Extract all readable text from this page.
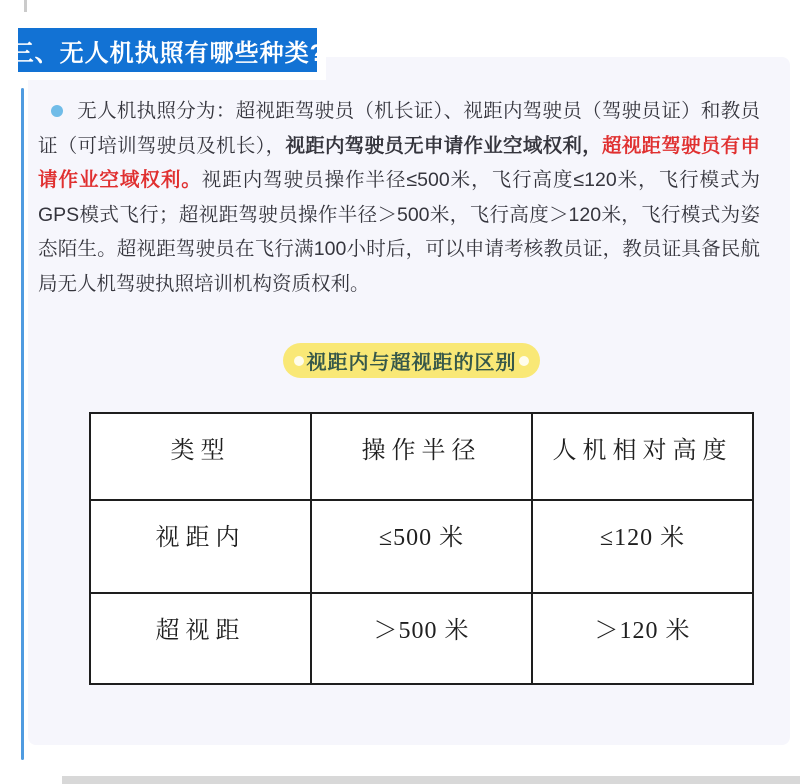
三、无人机执照有哪些种类?
无人机执照分为：超视距驾驶员（机长证）、视距内驾驶员（驾驶员证）和教员证（可培训驾驶员及机长），视距内驾驶员无申请作业空域权利，超视距驾驶员有申请作业空域权利。视距内驾驶员操作半径≤500米，飞行高度≤120米，飞行模式为GPS模式飞行；超视距驾驶员操作半径＞500米，飞行高度＞120米，飞行模式为姿态陌生。超视距驾驶员在飞行满100小时后，可以申请考核教员证，教员证具备民航局无人机驾驶执照培训机构资质权利。
视距内与超视距的区别
类型	操作半径	人机相对高度
视距内	≤500 米	≤120 米
超视距	＞500 米	＞120 米
